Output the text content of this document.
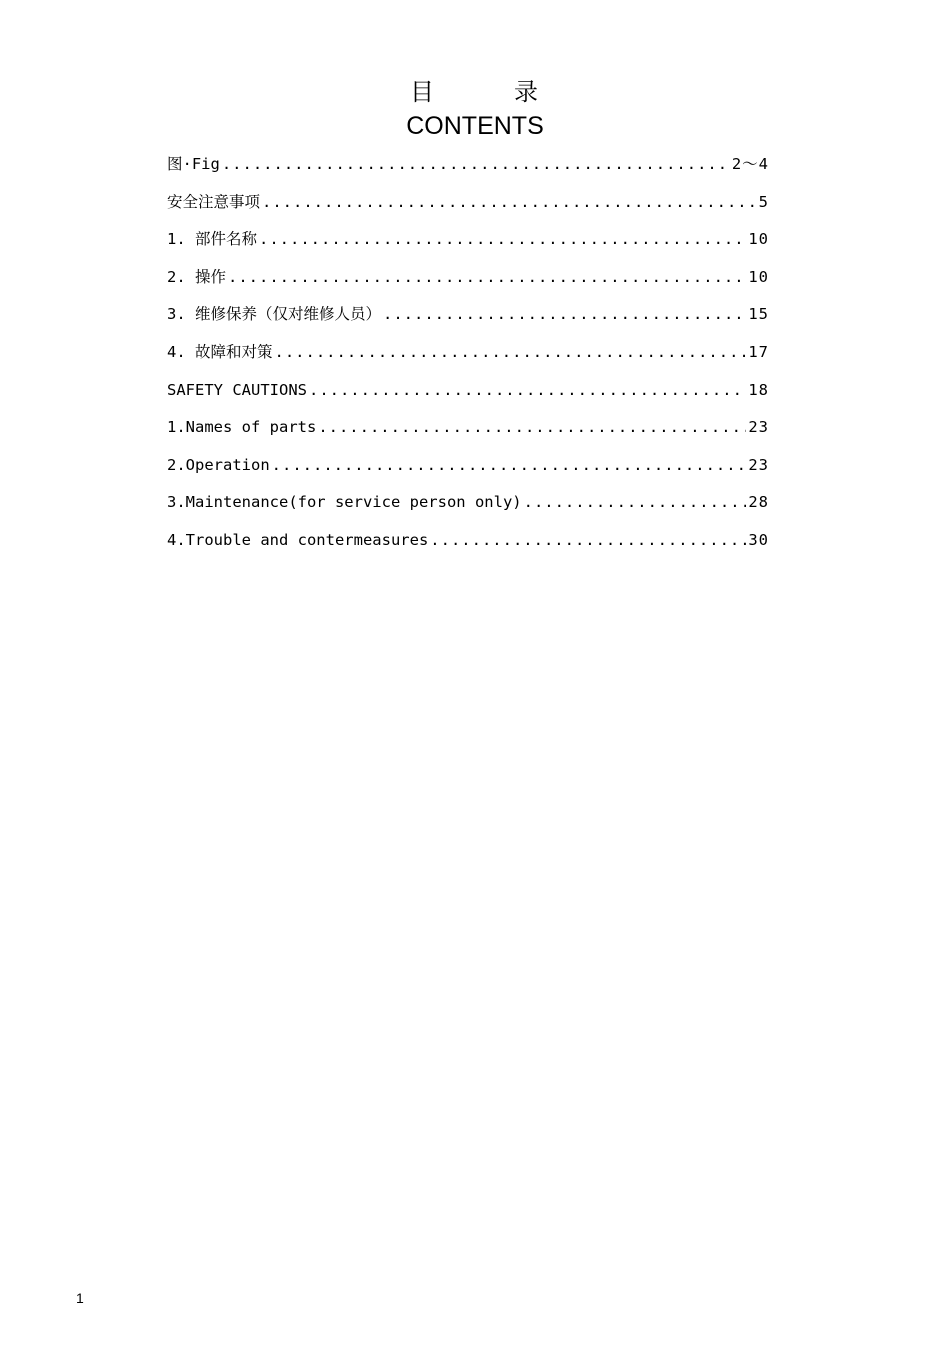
目	录
CONTENTS
图·Fig .....	2～4
安全注意事项 .....	5
1. 部件名称 .....	10
2. 操作 .....	10
3. 维修保养（仅对维修人员） .....	15
4. 故障和对策 .....	17
SAFETY CAUTIONS .....	18
1.Names of parts .....	23
2.Operation .....	23
3.Maintenance(for service person only) .....	28
4.Trouble and contermeasures .....	30
1
